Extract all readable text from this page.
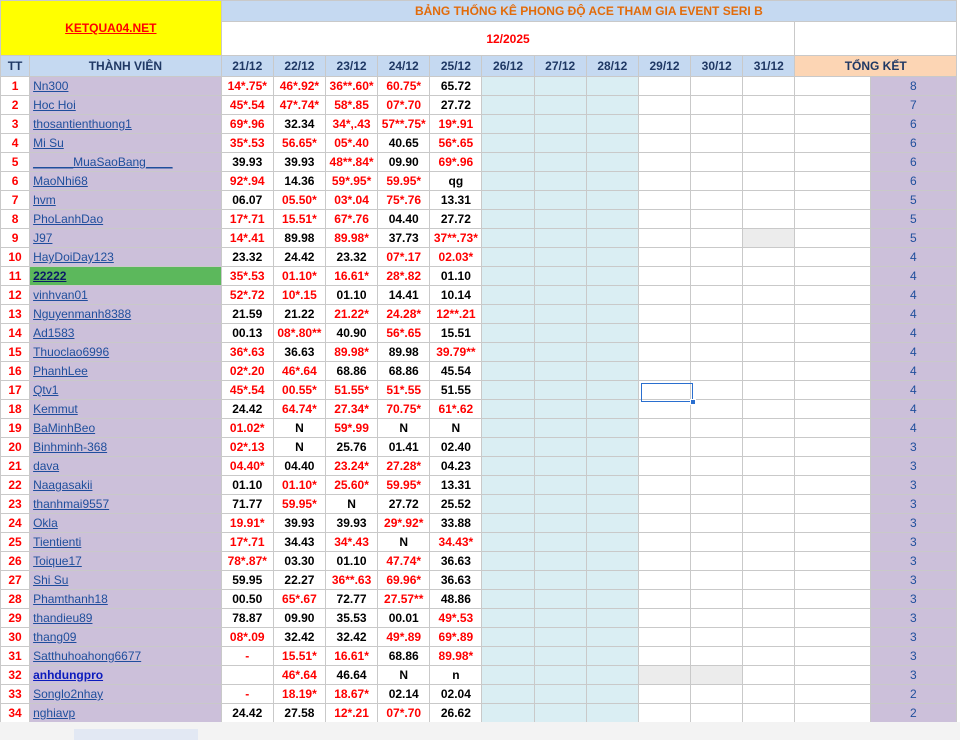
KETQUA04.NET		BẢNG THỐNG KÊ PHONG ĐỘ ACE THAM GIA EVENT SERI B												
		12/2025												
TT	THÀNH VIÊN	21/12	22/12	23/12	24/12	25/12	26/12	27/12	28/12	29/12	30/12	31/12	TỔNG KẾT	
1	Nn300	14*.75*	46*.92*	36**.60*	60.75*	65.72								8
2	Hoc Hoi	45*.54	47*.74*	58*.85	07*.70	27.72								7
3	thosantienthuong1	69*.96	32.34	34*,.43	57**.75*	19*.91								6
4	Mi Su	35*.53	56.65*	05*.40	40.65	56*.65								6
5	______MuaSaoBang____	39.93	39.93	48**.84*	09.90	69*.96								6
6	MaoNhi68	92*.94	14.36	59*.95*	59.95*	qg								6
7	hvm	06.07	05.50*	03*.04	75*.76	13.31								5
8	PhoLanhDao	17*.71	15.51*	67*.76	04.40	27.72								5
9	J97	14*.41	89.98	89.98*	37.73	37**.73*								5
10	HayDoiDay123	23.32	24.42	23.32	07*.17	02.03*								4
11	22222	35*.53	01.10*	16.61*	28*.82	01.10								4
12	vinhvan01	52*.72	10*.15	01.10	14.41	10.14								4
13	Nguyenmanh8388	21.59	21.22	21.22*	24.28*	12**.21								4
14	Ad1583	00.13	08*.80**	40.90	56*.65	15.51								4
15	Thuoclao6996	36*.63	36.63	89.98*	89.98	39.79**								4
16	PhanhLee	02*.20	46*.64	68.86	68.86	45.54								4
17	Qtv1	45*.54	00.55*	51.55*	51*.55	51.55								4
18	Kemmut	24.42	64.74*	27.34*	70.75*	61*.62								4
19	BaMinhBeo	01.02*	N	59*.99	N	N								4
20	Binhminh-368	02*.13	N	25.76	01.41	02.40								3
21	dava	04.40*	04.40	23.24*	27.28*	04.23								3
22	Naagasakii	01.10	01.10*	25.60*	59.95*	13.31								3
23	thanhmai9557	71.77	59.95*	N	27.72	25.52								3
24	Okla	19.91*	39.93	39.93	29*.92*	33.88								3
25	Tientienti	17*.71	34.43	34*.43	N	34.43*								3
26	Toique17	78*.87*	03.30	01.10	47.74*	36.63								3
27	Shi Su	59.95	22.27	36**.63	69.96*	36.63								3
28	Phamthanh18	00.50	65*.67	72.77	27.57**	48.86								3
29	thandieu89	78.87	09.90	35.53	00.01	49*.53								3
30	thang09	08*.09	32.42	32.42	49*.89	69*.89								3
31	Satthuhoahong6677	-	15.51*	16.61*	68.86	89.98*								3
32	anhdungpro		46*.64	46.64	N	n								3
33	Songlo2nhay	-	18.19*	18.67*	02.14	02.04								2
34	nghiavp	24.42	27.58	12*.21	07*.70	26.62								2
